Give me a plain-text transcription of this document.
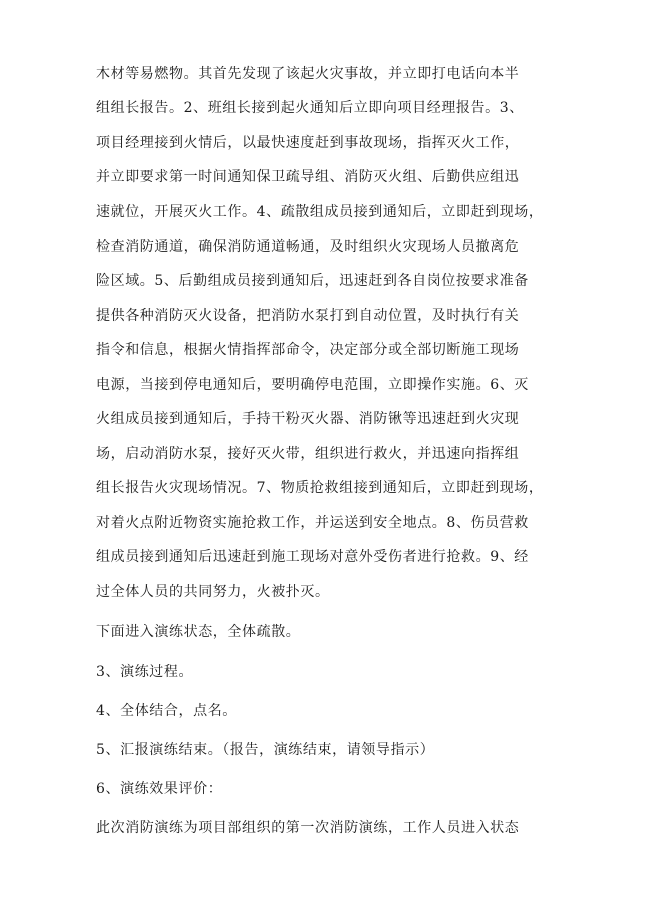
木材等易燃物。其首先发现了该起火灾事故，并立即打电话向本半
组组长报告。2、班组长接到起火通知后立即向项目经理报告。3、
项目经理接到火情后，以最快速度赶到事故现场，指挥灭火工作，
并立即要求第一时间通知保卫疏导组、消防灭火组、后勤供应组迅
速就位，开展灭火工作。4、疏散组成员接到通知后，立即赶到现场，
检查消防通道，确保消防通道畅通，及时组织火灾现场人员撤离危
险区域。5、后勤组成员接到通知后，迅速赶到各自岗位按要求准备
提供各种消防灭火设备，把消防水泵打到自动位置，及时执行有关
指令和信息，根据火情指挥部命令，决定部分或全部切断施工现场
电源，当接到停电通知后，要明确停电范围，立即操作实施。6、灭
火组成员接到通知后，手持干粉灭火器、消防锹等迅速赶到火灾现
场，启动消防水泵，接好灭火带，组织进行救火，并迅速向指挥组
组长报告火灾现场情况。7、物质抢救组接到通知后，立即赶到现场，
对着火点附近物资实施抢救工作，并运送到安全地点。8、伤员营救
组成员接到通知后迅速赶到施工现场对意外受伤者进行抢救。9、经
过全体人员的共同努力，火被扑灭。
下面进入演练状态，全体疏散。
3、演练过程。
4、全体结合，点名。
5、汇报演练结束。（报告，演练结束，请领导指示）
6、演练效果评价：
此次消防演练为项目部组织的第一次消防演练，工作人员进入状态
